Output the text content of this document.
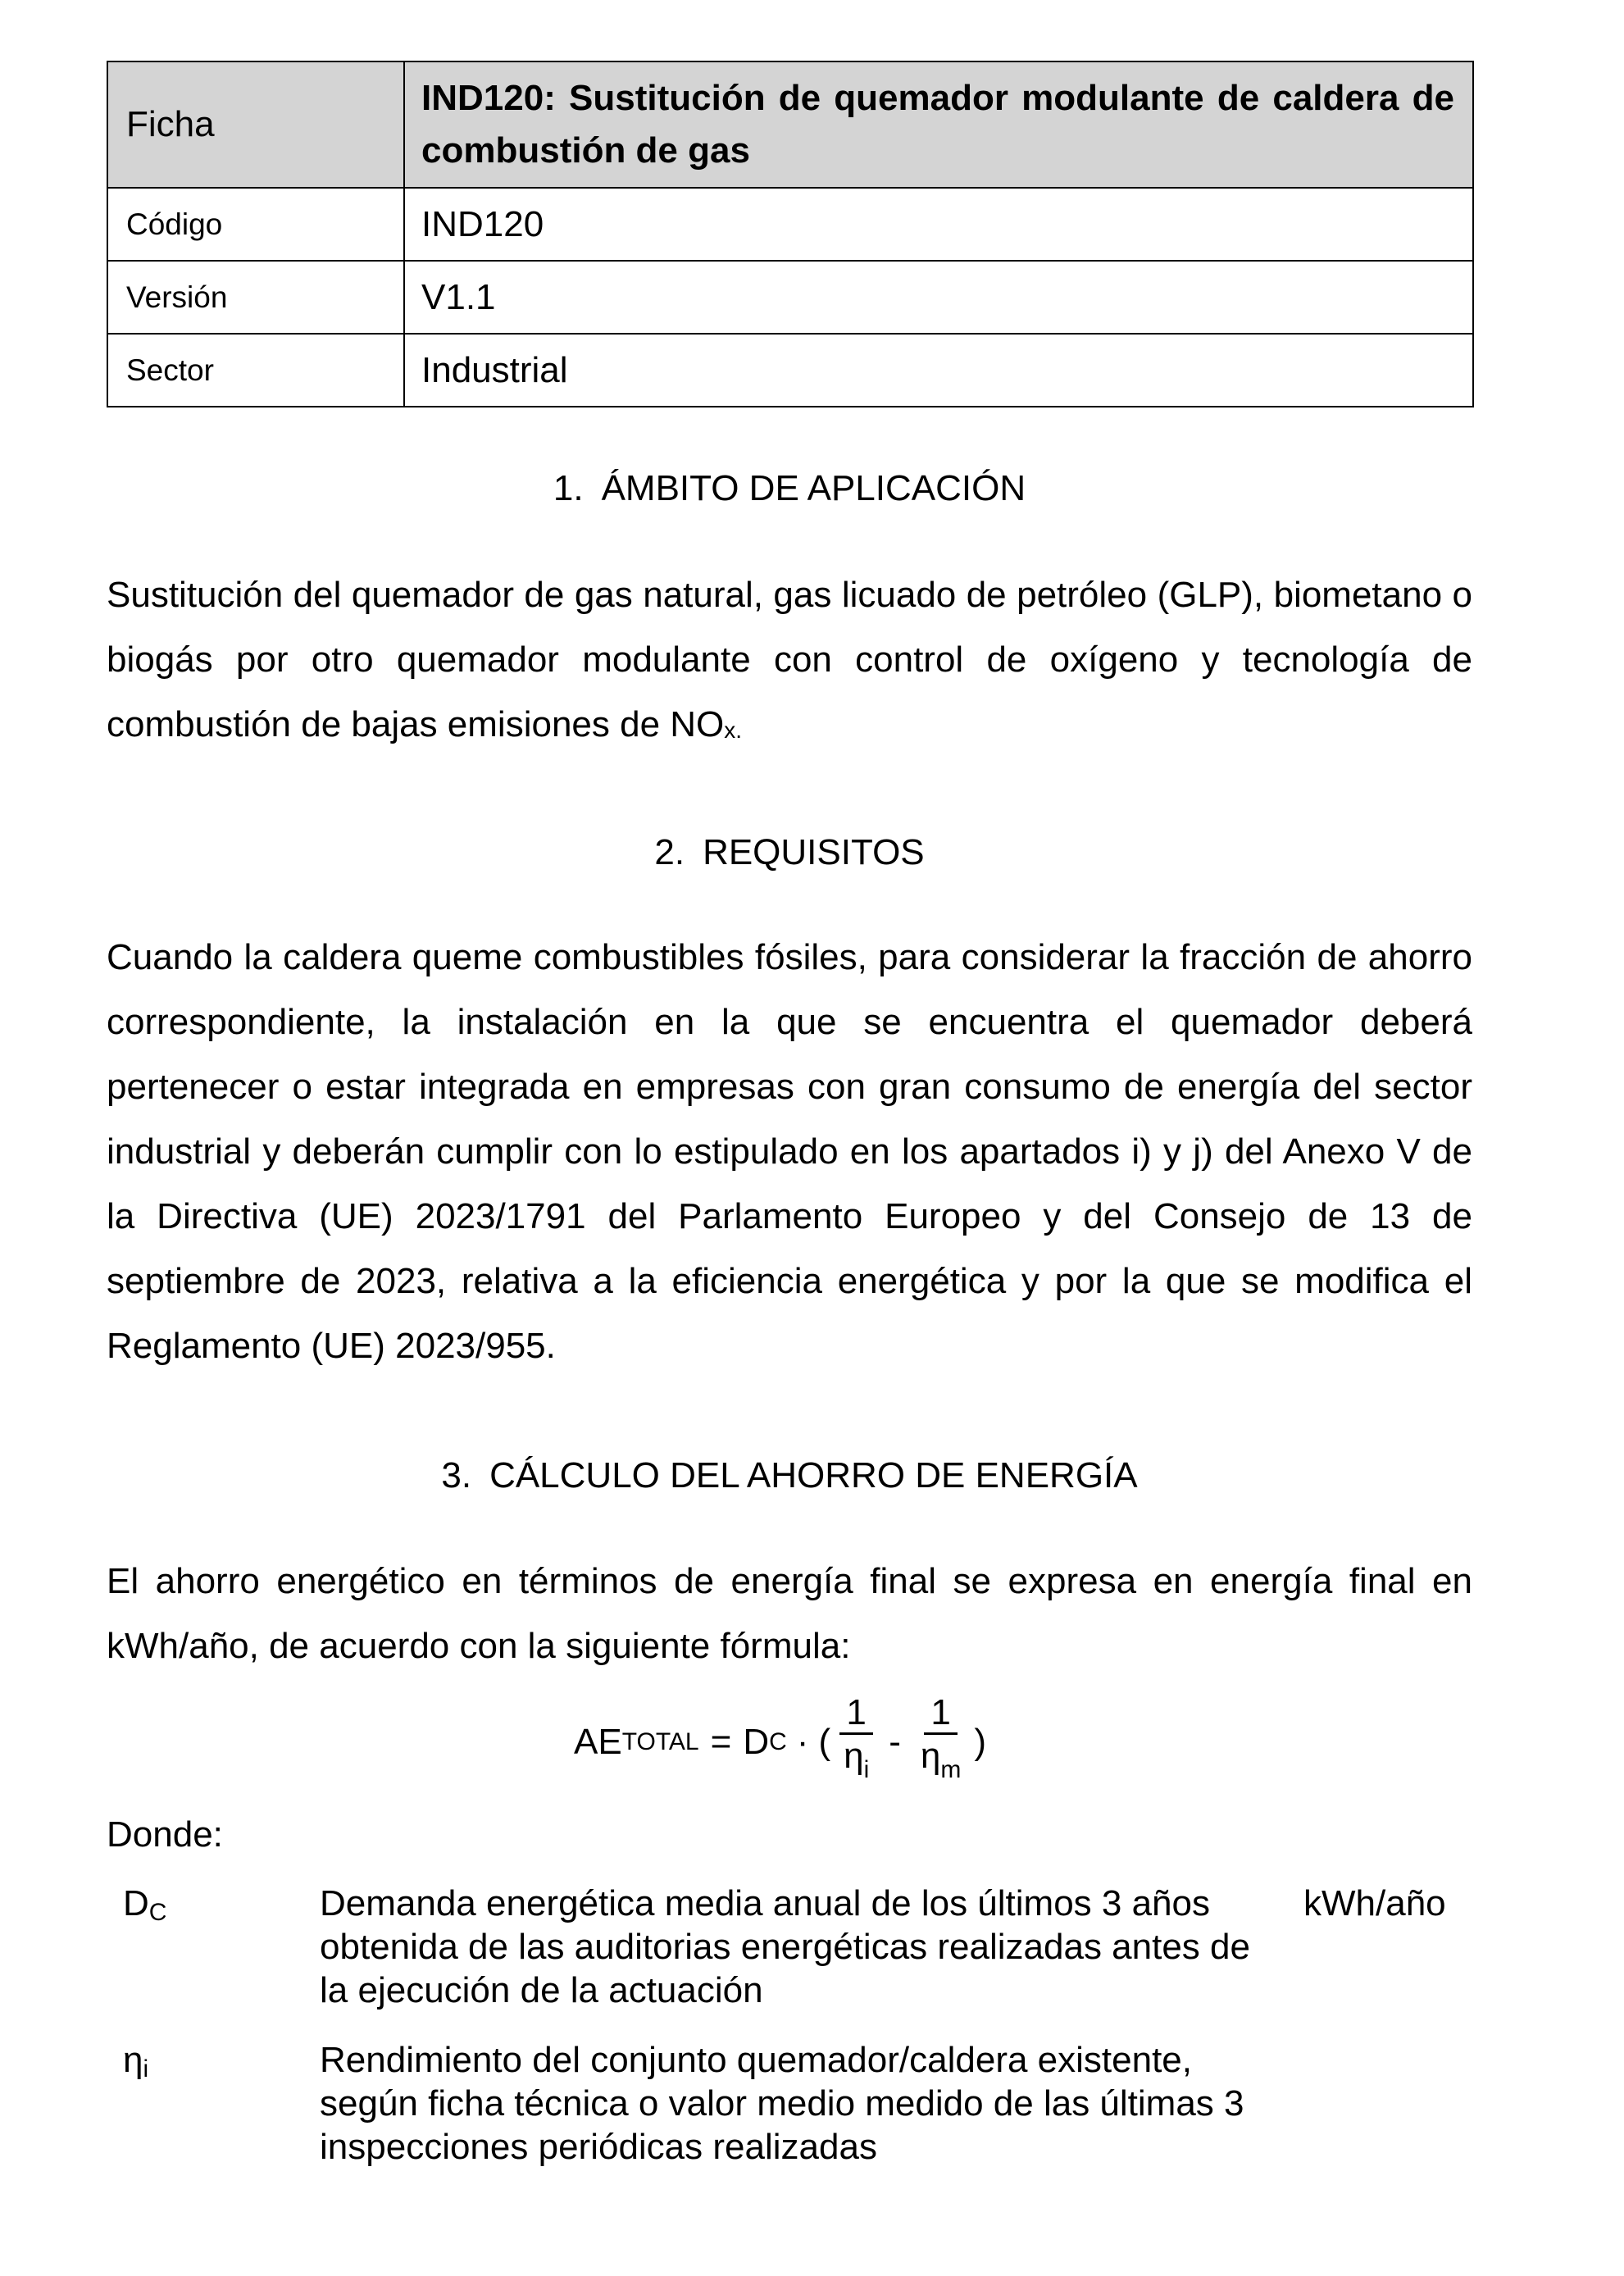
Ficha	IND120: Sustitución de quemador modulante de caldera de combustión de gas
Código	IND120
Versión	V1.1
Sector	Industrial
1. ÁMBITO DE APLICACIÓN

Sustitución del quemador de gas natural, gas licuado de petróleo (GLP), biometano o biogás por otro quemador modulante con control de oxígeno y tecnología de combustión de bajas emisiones de NOx.

2. REQUISITOS

Cuando la caldera queme combustibles fósiles, para considerar la fracción de ahorro correspondiente, la instalación en la que se encuentra el quemador deberá pertenecer o estar integrada en empresas con gran consumo de energía del sector industrial y deberán cumplir con lo estipulado en los apartados i) y j) del Anexo V de la Directiva (UE) 2023/1791 del Parlamento Europeo y del Consejo de 13 de septiembre de 2023, relativa a la eficiencia energética y por la que se modifica el Reglamento (UE) 2023/955.

3. CÁLCULO DEL AHORRO DE ENERGÍA

El ahorro energético en términos de energía final se expresa en energía final en kWh/año, de acuerdo con la siguiente fórmula:

AE TOTAL = D C · ( $\frac{1}{\eta_i} - \frac{1}{\eta_m}$ )
Donde:
DC	Demanda energética media anual de los últimos 3 años obtenida de las auditorias energéticas realizadas antes de la ejecución de la actuación	kWh/año
ηi	Rendimiento del conjunto quemador/caldera existente, según ficha técnica o valor medio medido de las últimas 3 inspecciones periódicas realizadas	
